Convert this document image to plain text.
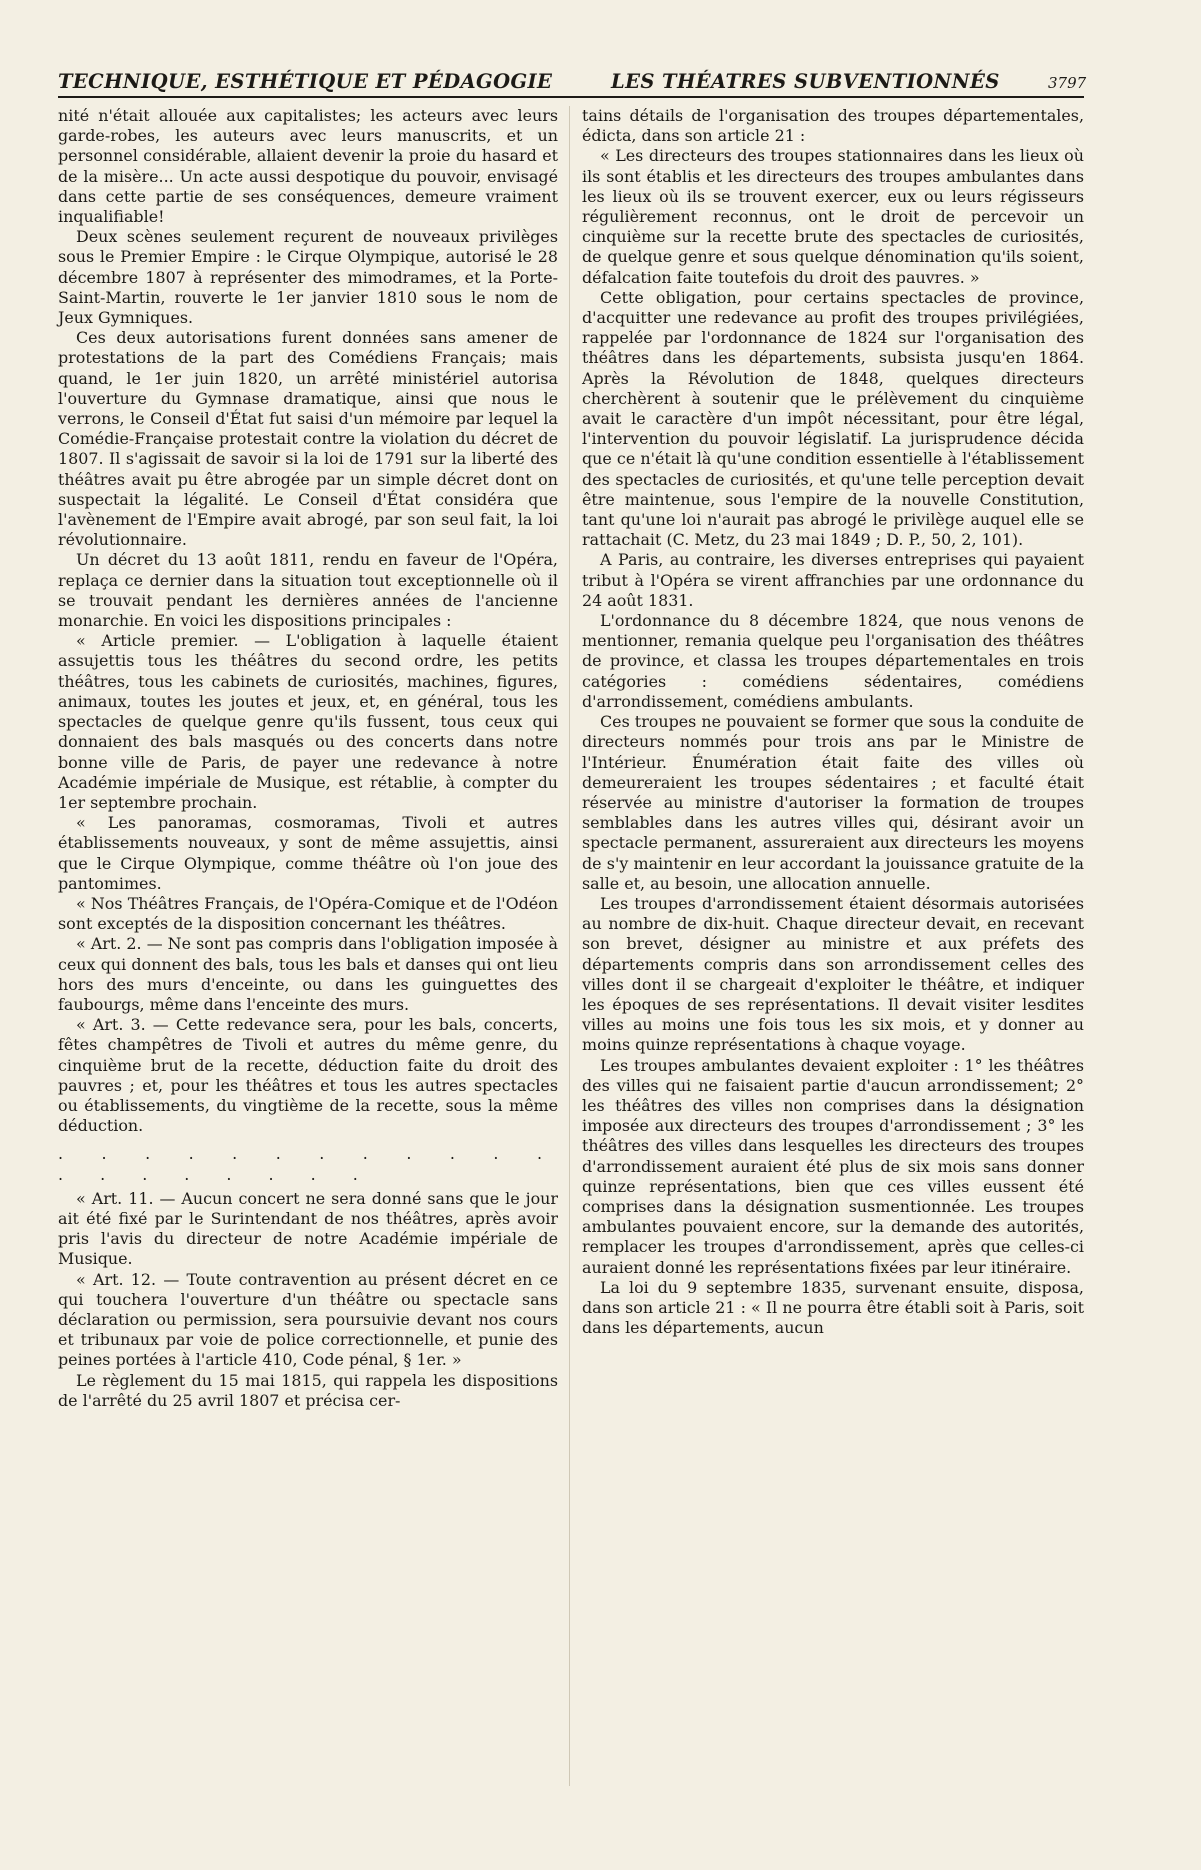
TECHNIQUE, ESTHÉTIQUE ET PÉDAGOGIE	LES THÉATRES SUBVENTIONNÉS	3797

nité n'était allouée aux capitalistes; les acteurs avec leurs garde-robes, les auteurs avec leurs manuscrits, et un personnel considérable, allaient devenir la proie du hasard et de la misère... Un acte aussi despotique du pouvoir, envisagé dans cette partie de ses conséquences, demeure vraiment inqualifiable!

Deux scènes seulement reçurent de nouveaux privilèges sous le Premier Empire : le Cirque Olympique, autorisé le 28 décembre 1807 à représenter des mimodrames, et la Porte-Saint-Martin, rouverte le 1er janvier 1810 sous le nom de Jeux Gymniques.

Ces deux autorisations furent données sans amener de protestations de la part des Comédiens Français; mais quand, le 1er juin 1820, un arrêté ministériel autorisa l'ouverture du Gymnase dramatique, ainsi que nous le verrons, le Conseil d'État fut saisi d'un mémoire par lequel la Comédie-Française protestait contre la violation du décret de 1807. Il s'agissait de savoir si la loi de 1791 sur la liberté des théâtres avait pu être abrogée par un simple décret dont on suspectait la légalité. Le Conseil d'État considéra que l'avènement de l'Empire avait abrogé, par son seul fait, la loi révolutionnaire.

Un décret du 13 août 1811, rendu en faveur de l'Opéra, replaça ce dernier dans la situation tout exceptionnelle où il se trouvait pendant les dernières années de l'ancienne monarchie. En voici les dispositions principales :

« Article premier. — L'obligation à laquelle étaient assujettis tous les théâtres du second ordre, les petits théâtres, tous les cabinets de curiosités, machines, figures, animaux, toutes les joutes et jeux, et, en général, tous les spectacles de quelque genre qu'ils fussent, tous ceux qui donnaient des bals masqués ou des concerts dans notre bonne ville de Paris, de payer une redevance à notre Académie impériale de Musique, est rétablie, à compter du 1er septembre prochain.

« Les panoramas, cosmoramas, Tivoli et autres établissements nouveaux, y sont de même assujettis, ainsi que le Cirque Olympique, comme théâtre où l'on joue des pantomimes.

« Nos Théâtres Français, de l'Opéra-Comique et de l'Odéon sont exceptés de la disposition concernant les théâtres.

« Art. 2. — Ne sont pas compris dans l'obligation imposée à ceux qui donnent des bals, tous les bals et danses qui ont lieu hors des murs d'enceinte, ou dans les guinguettes des faubourgs, même dans l'enceinte des murs.

« Art. 3. — Cette redevance sera, pour les bals, concerts, fêtes champêtres de Tivoli et autres du même genre, du cinquième brut de la recette, déduction faite du droit des pauvres ; et, pour les théâtres et tous les autres spectacles ou établissements, du vingtième de la recette, sous la même déduction.

. . . . . . . . . . . . . . . . . . . .

« Art. 11. — Aucun concert ne sera donné sans que le jour ait été fixé par le Surintendant de nos théâtres, après avoir pris l'avis du directeur de notre Académie impériale de Musique.

« Art. 12. — Toute contravention au présent décret en ce qui touchera l'ouverture d'un théâtre ou spectacle sans déclaration ou permission, sera poursuivie devant nos cours et tribunaux par voie de police correctionnelle, et punie des peines portées à l'article 410, Code pénal, § 1er. »

Le règlement du 15 mai 1815, qui rappela les dispositions de l'arrêté du 25 avril 1807 et précisa cer-

tains détails de l'organisation des troupes départementales, édicta, dans son article 21 :

« Les directeurs des troupes stationnaires dans les lieux où ils sont établis et les directeurs des troupes ambulantes dans les lieux où ils se trouvent exercer, eux ou leurs régisseurs régulièrement reconnus, ont le droit de percevoir un cinquième sur la recette brute des spectacles de curiosités, de quelque genre et sous quelque dénomination qu'ils soient, défalcation faite toutefois du droit des pauvres. »

Cette obligation, pour certains spectacles de province, d'acquitter une redevance au profit des troupes privilégiées, rappelée par l'ordonnance de 1824 sur l'organisation des théâtres dans les départements, subsista jusqu'en 1864. Après la Révolution de 1848, quelques directeurs cherchèrent à soutenir que le prélèvement du cinquième avait le caractère d'un impôt nécessitant, pour être légal, l'intervention du pouvoir législatif. La jurisprudence décida que ce n'était là qu'une condition essentielle à l'établissement des spectacles de curiosités, et qu'une telle perception devait être maintenue, sous l'empire de la nouvelle Constitution, tant qu'une loi n'aurait pas abrogé le privilège auquel elle se rattachait (C. Metz, du 23 mai 1849 ; D. P., 50, 2, 101).

A Paris, au contraire, les diverses entreprises qui payaient tribut à l'Opéra se virent affranchies par une ordonnance du 24 août 1831.

L'ordonnance du 8 décembre 1824, que nous venons de mentionner, remania quelque peu l'organisation des théâtres de province, et classa les troupes départementales en trois catégories : comédiens sédentaires, comédiens d'arrondissement, comédiens ambulants.

Ces troupes ne pouvaient se former que sous la conduite de directeurs nommés pour trois ans par le Ministre de l'Intérieur. Énumération était faite des villes où demeureraient les troupes sédentaires ; et faculté était réservée au ministre d'autoriser la formation de troupes semblables dans les autres villes qui, désirant avoir un spectacle permanent, assureraient aux directeurs les moyens de s'y maintenir en leur accordant la jouissance gratuite de la salle et, au besoin, une allocation annuelle.

Les troupes d'arrondissement étaient désormais autorisées au nombre de dix-huit. Chaque directeur devait, en recevant son brevet, désigner au ministre et aux préfets des départements compris dans son arrondissement celles des villes dont il se chargeait d'exploiter le théâtre, et indiquer les époques de ses représentations. Il devait visiter lesdites villes au moins une fois tous les six mois, et y donner au moins quinze représentations à chaque voyage.

Les troupes ambulantes devaient exploiter : 1° les théâtres des villes qui ne faisaient partie d'aucun arrondissement; 2° les théâtres des villes non comprises dans la désignation imposée aux directeurs des troupes d'arrondissement ; 3° les théâtres des villes dans lesquelles les directeurs des troupes d'arrondissement auraient été plus de six mois sans donner quinze représentations, bien que ces villes eussent été comprises dans la désignation susmentionnée. Les troupes ambulantes pouvaient encore, sur la demande des autorités, remplacer les troupes d'arrondissement, après que celles-ci auraient donné les représentations fixées par leur itinéraire.

La loi du 9 septembre 1835, survenant ensuite, disposa, dans son article 21 : « Il ne pourra être établi soit à Paris, soit dans les départements, aucun
